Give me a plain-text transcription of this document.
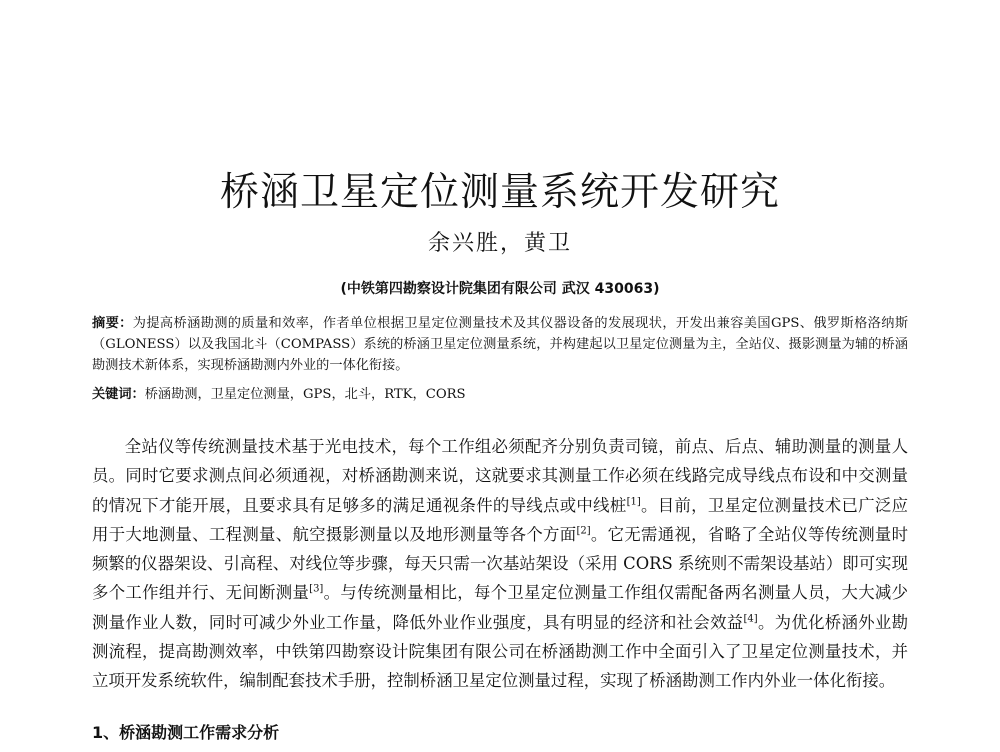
桥涵卫星定位测量系统开发研究
余兴胜，黄卫
(中铁第四勘察设计院集团有限公司 武汉 430063)
摘要：为提高桥涵勘测的质量和效率，作者单位根据卫星定位测量技术及其仪器设备的发展现状，开发出兼容美国GPS、俄罗斯格洛纳斯（GLONESS）以及我国北斗（COMPASS）系统的桥涵卫星定位测量系统，并构建起以卫星定位测量为主，全站仪、摄影测量为辅的桥涵勘测技术新体系，实现桥涵勘测内外业的一体化衔接。
关键词：桥涵勘测，卫星定位测量，GPS，北斗，RTK，CORS

全站仪等传统测量技术基于光电技术，每个工作组必须配齐分别负责司镜，前点、后点、辅助测量的测量人员。同时它要求测点间必须通视，对桥涵勘测来说，这就要求其测量工作必须在线路完成导线点布设和中交测量的情况下才能开展，且要求具有足够多的满足通视条件的导线点或中线桩[1]。目前，卫星定位测量技术已广泛应用于大地测量、工程测量、航空摄影测量以及地形测量等各个方面[2]。它无需通视，省略了全站仪等传统测量时频繁的仪器架设、引高程、对线位等步骤，每天只需一次基站架设（采用 CORS 系统则不需架设基站）即可实现多个工作组并行、无间断测量[3]。与传统测量相比，每个卫星定位测量工作组仅需配备两名测量人员，大大减少测量作业人数，同时可减少外业工作量，降低外业作业强度，具有明显的经济和社会效益[4]。为优化桥涵外业勘测流程，提高勘测效率，中铁第四勘察设计院集团有限公司在桥涵勘测工作中全面引入了卫星定位测量技术，并立项开发系统软件，编制配套技术手册，控制桥涵卫星定位测量过程，实现了桥涵勘测工作内外业一体化衔接。

1、桥涵勘测工作需求分析
